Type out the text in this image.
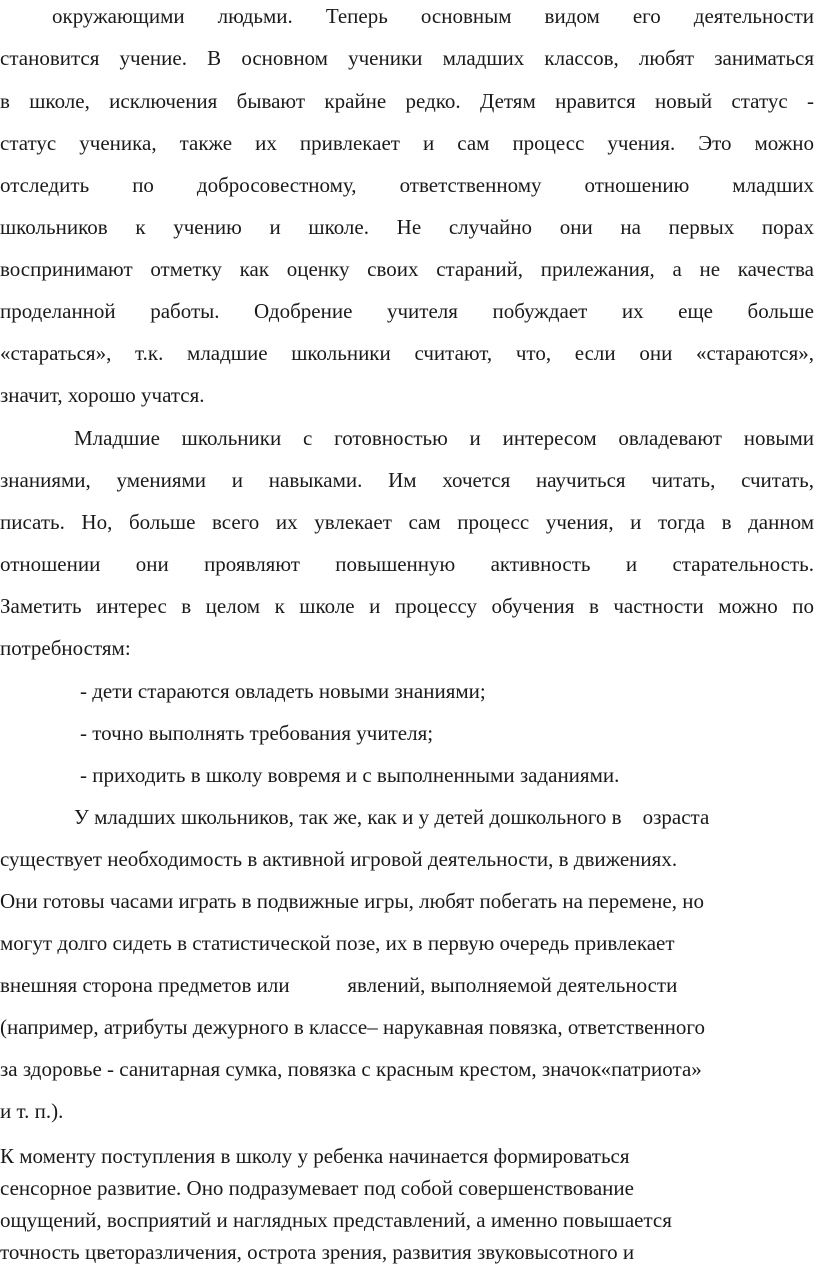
окружающими людьми. Теперь основным видом его деятельности
становится учение. В основном ученики младших классов, любят заниматься
в школе, исключения бывают крайне редко. Детям нравится новый статус -
статус ученика, также их привлекает и сам процесс учения. Это можно
отследить по добросовестному, ответственному отношению младших
школьников к учению и школе. Не случайно они на первых порах
воспринимают отметку как оценку своих стараний, прилежания, а не качества
проделанной работы. Одобрение учителя побуждает их еще больше
«стараться», т.к. младшие школьники считают, что, если они «стараются»,
значит, хорошо учатся.
Младшие школьники с готовностью и интересом овладевают новыми
знаниями, умениями и навыками. Им хочется научиться читать, считать,
писать. Но, больше всего их увлекает сам процесс учения, и тогда в данном
отношении они проявляют повышенную активность и старательность.
Заметить интерес в целом к школе и процессу обучения в частности можно по
потребностям:
- дети стараются овладеть новыми знаниями;
- точно выполнять требования учителя;
- приходить в школу вовремя и с выполненными заданиями.
У младших школьников, так же, как и у детей дошкольного в    озраста
существует необходимость в активной игровой деятельности, в движениях.
Они готовы часами играть в подвижные игры, любят побегать на перемене, но
могут долго сидеть в статистической позе, их в первую очередь привлекает
внешняя сторона предметов или           явлений, выполняемой деятельности
(например, атрибуты дежурного в классе– нарукавная повязка, ответственного
за здоровье - санитарная сумка, повязка с красным крестом, значок«патриота»
и т. п.).
К моменту поступления в школу у ребенка начинается формироваться
сенсорное развитие. Оно подразумевает под собой совершенствование
ощущений, восприятий и наглядных представлений, а именно повышается
точность цветоразличения, острота зрения, развития звуковысотного и
